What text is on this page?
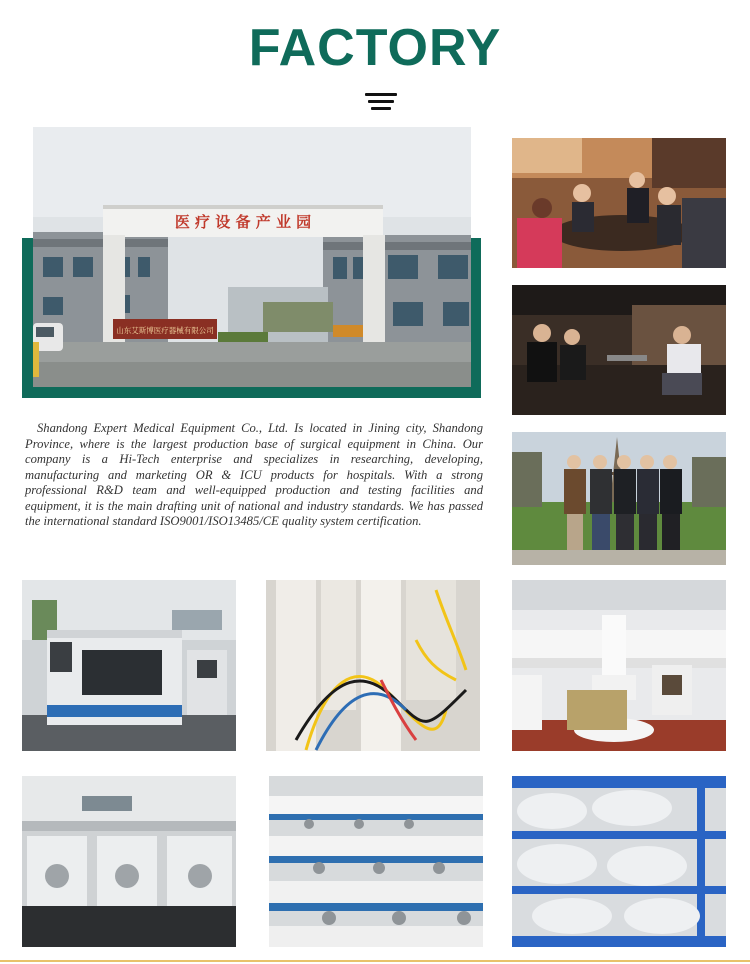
FACTORY
医 疗 设 备 产 业 园
山东艾斯博医疗器械有限公司

Shandong Expert Medical Equipment Co., Ltd. Is located in Jining city, Shandong Province, where is the largest production base of surgical equipment in China. Our company is a Hi-Tech enterprise and specializes in researching, developing, manufacturing and marketing OR & ICU products for hospitals. With a strong professional R&D team and well-equipped production and testing facilities and equipment, it is the main drafting unit of national and industry standards. We has passed the international standard ISO9001/ISO13485/CE quality system certification.
